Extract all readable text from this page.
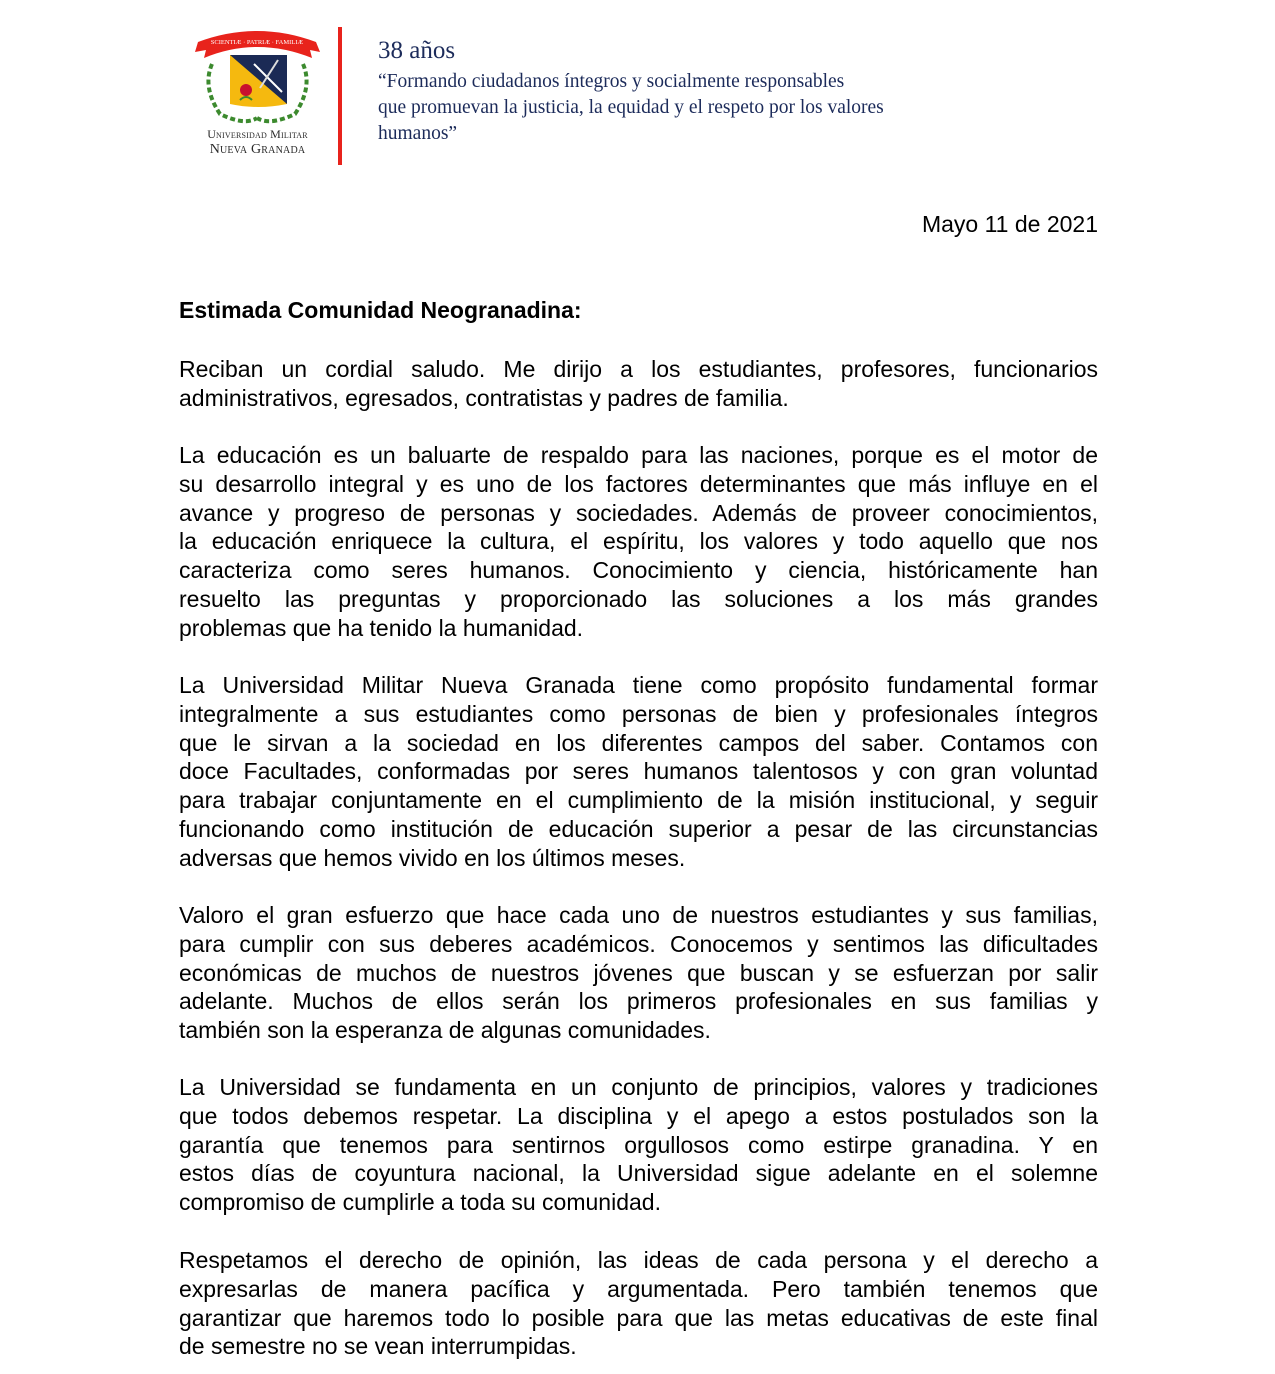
SCIENTIÆ · PATRIÆ · FAMILIÆ
Universidad Militar
Nueva Granada
38 años
“Formando ciudadanos íntegros y socialmente responsables
que promuevan la justicia, la equidad y el respeto por los valores
humanos”
Mayo 11 de 2021
Estimada Comunidad Neogranadina:
Reciban un cordial saludo. Me dirijo a los estudiantes, profesores, funcionarios
administrativos, egresados, contratistas y padres de familia.
La educación es un baluarte de respaldo para las naciones, porque es el motor de
su desarrollo integral y es uno de los factores determinantes que más influye en el
avance y progreso de personas y sociedades. Además de proveer conocimientos,
la educación enriquece la cultura, el espíritu, los valores y todo aquello que nos
caracteriza como seres humanos. Conocimiento y ciencia, históricamente han
resuelto las preguntas y proporcionado las soluciones a los más grandes
problemas que ha tenido la humanidad.
La Universidad Militar Nueva Granada tiene como propósito fundamental formar
integralmente a sus estudiantes como personas de bien y profesionales íntegros
que le sirvan a la sociedad en los diferentes campos del saber. Contamos con
doce Facultades, conformadas por seres humanos talentosos y con gran voluntad
para trabajar conjuntamente en el cumplimiento de la misión institucional, y seguir
funcionando como institución de educación superior a pesar de las circunstancias
adversas que hemos vivido en los últimos meses.
Valoro el gran esfuerzo que hace cada uno de nuestros estudiantes y sus familias,
para cumplir con sus deberes académicos. Conocemos y sentimos las dificultades
económicas de muchos de nuestros jóvenes que buscan y se esfuerzan por salir
adelante. Muchos de ellos serán los primeros profesionales en sus familias y
también son la esperanza de algunas comunidades.
La Universidad se fundamenta en un conjunto de principios, valores y tradiciones
que todos debemos respetar. La disciplina y el apego a estos postulados son la
garantía que tenemos para sentirnos orgullosos como estirpe granadina. Y en
estos días de coyuntura nacional, la Universidad sigue adelante en el solemne
compromiso de cumplirle a toda su comunidad.
Respetamos el derecho de opinión, las ideas de cada persona y el derecho a
expresarlas de manera pacífica y argumentada. Pero también tenemos que
garantizar que haremos todo lo posible para que las metas educativas de este final
de semestre no se vean interrumpidas.
